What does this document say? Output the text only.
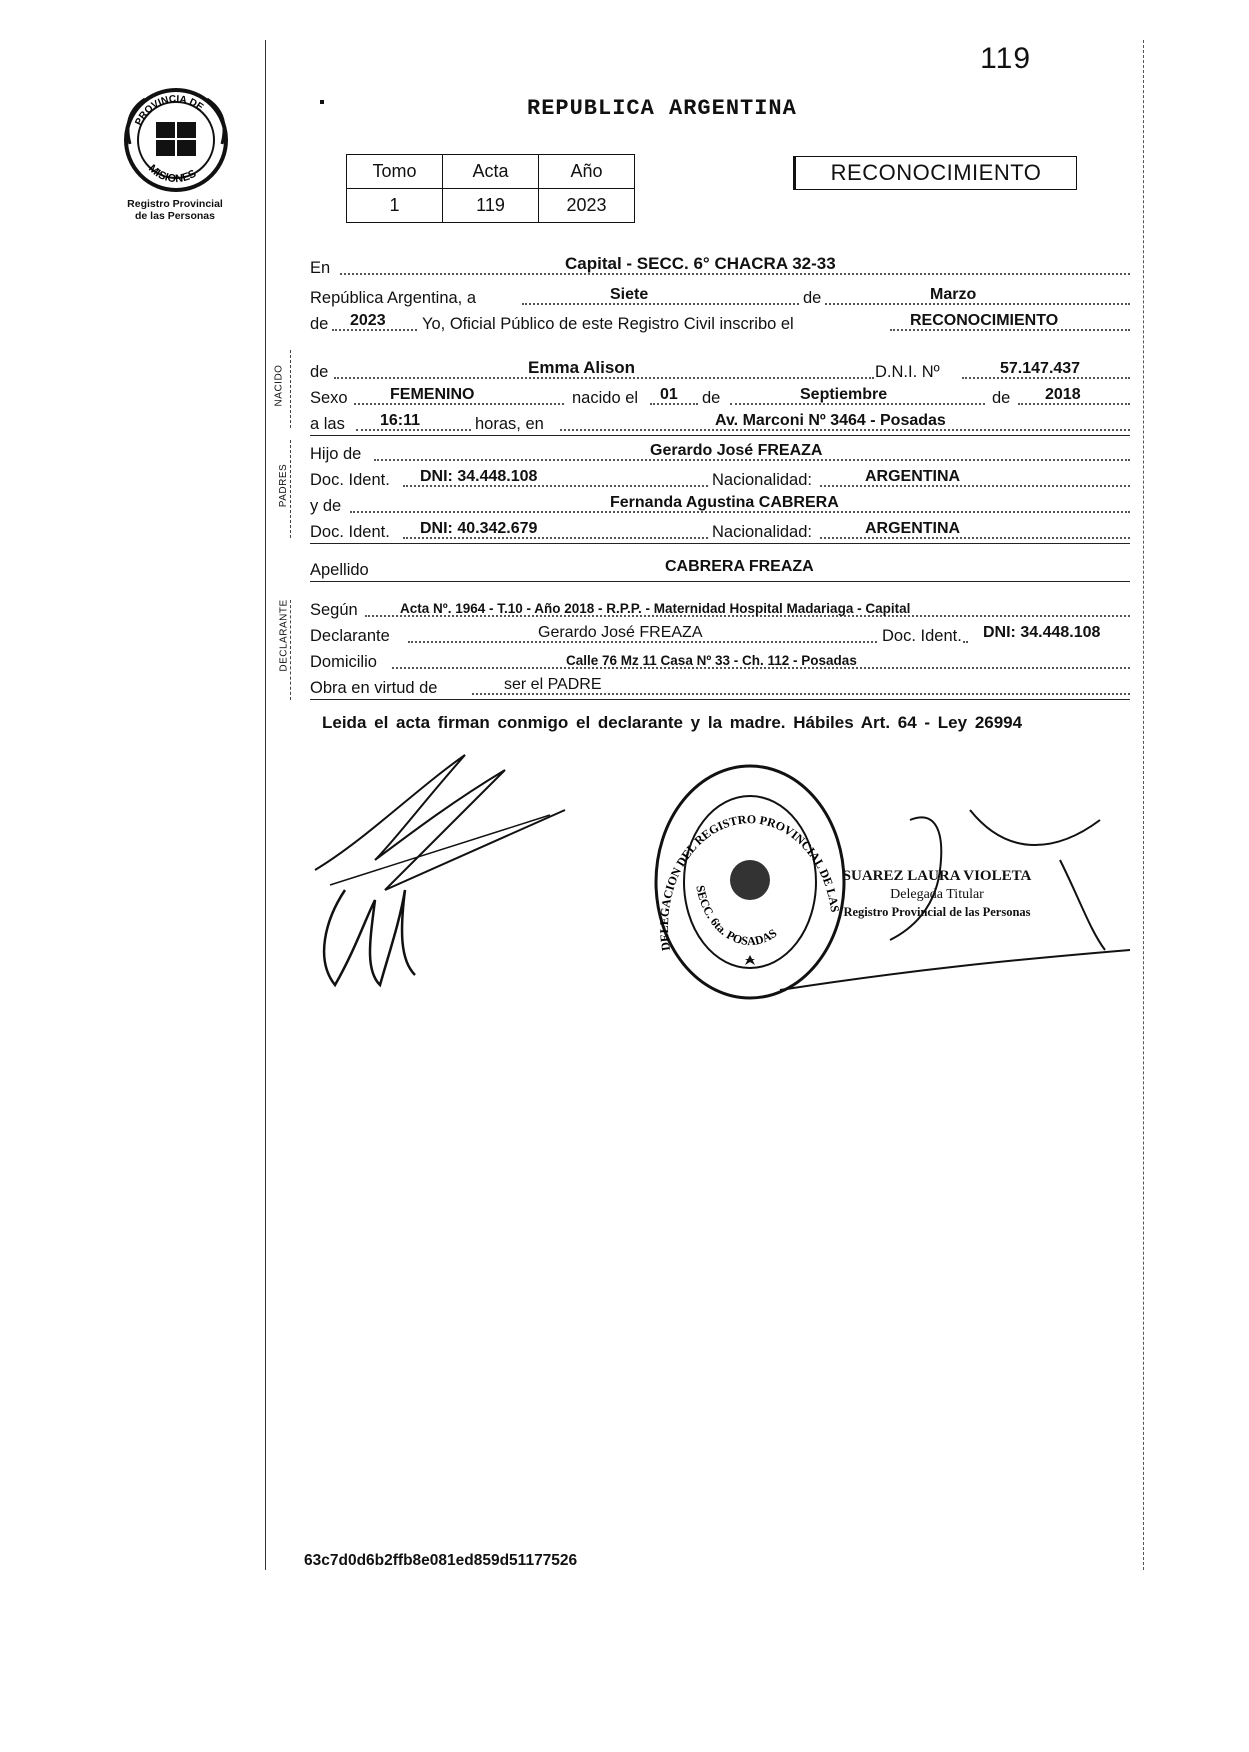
119
PROVINCIA DE
MISIONES
Registro Provincial
de las Personas
REPUBLICA ARGENTINA
Tomo	Acta	Año
1	119	2023
RECONOCIMIENTO
En	Capital - SECC. 6° CHACRA 32-33
República Argentina, a	Siete	de	Marzo
de 2023 Yo, Oficial Público de este Registro Civil inscribo el	RECONOCIMIENTO
NACIDO de	Emma Alison	D.N.I. Nº	57.147.437
Sexo	FEMENINO	nacido el 01 de	Septiembre	de 2018
a las 16:11	horas, en	Av. Marconi Nº 3464 - Posadas
PADRES
Hijo de	Gerardo José FREAZA
Doc. Ident. DNI: 34.448.108	Nacionalidad:	ARGENTINA
y de	Fernanda Agustina CABRERA
Doc. Ident. DNI: 40.342.679	Nacionalidad:	ARGENTINA
Apellido	CABRERA FREAZA
DECLARANTE Según	Acta Nº. 1964 - T.10 - Año 2018 - R.P.P. - Maternidad Hospital Madariaga - Capital
Declarante	Gerardo José FREAZA	Doc. Ident. DNI: 34.448.108
Domicilio	Calle 76 Mz 11 Casa Nº 33 - Ch. 112 - Posadas
Obra en virtud de	ser el PADRE
Leida el acta firman conmigo el declarante y la madre. Hábiles Art. 64 - Ley 26994
DELEGACION DEL REGISTRO PROVINCIAL DE LAS
SECC. 6ta. POSADAS
SUAREZ LAURA VIOLETA
Delegada Titular
Registro Provincial de las Personas
63c7d0d6b2ffb8e081ed859d51177526
